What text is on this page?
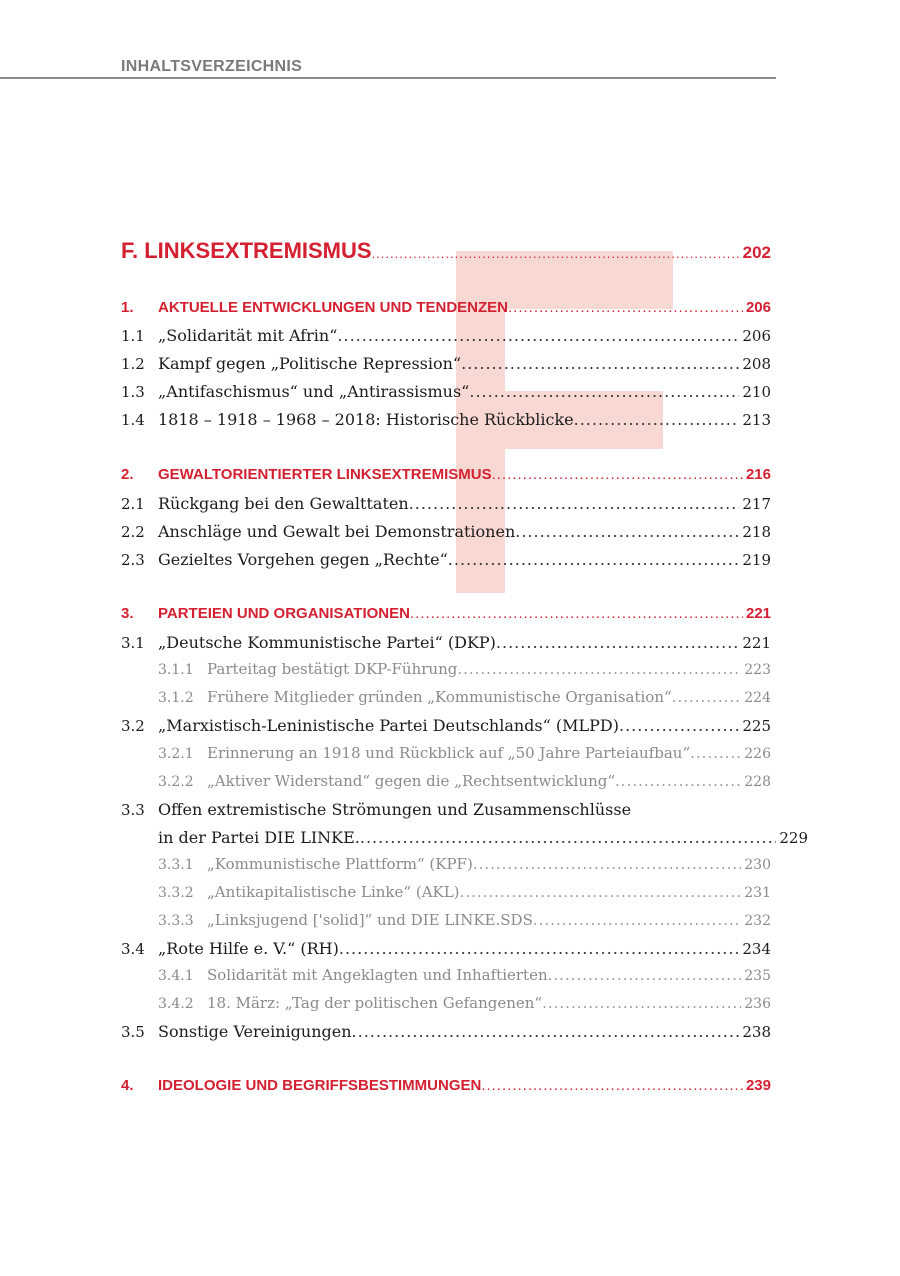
INHALTSVERZEICHNIS
F. LINKSEXTREMISMUS .....	202
1.	AKTUELLE ENTWICKLUNGEN UND TENDENZEN .....	206
1.1 „Solidarität mit Afrin“ .....	206
1.2 Kampf gegen „Politische Repression“ .....	208
1.3 „Antifaschismus“ und „Antirassismus“ .....	210
1.4 1818 – 1918 – 1968 – 2018: Historische Rückblicke .....	213
2.	GEWALTORIENTIERTER LINKSEXTREMISMUS .....	216
2.1 Rückgang bei den Gewalttaten .....	217
2.2 Anschläge und Gewalt bei Demonstrationen .....	218
2.3 Gezieltes Vorgehen gegen „Rechte“ .....	219
3.	PARTEIEN UND ORGANISATIONEN .....	221
3.1 „Deutsche Kommunistische Partei“ (DKP) .....	221
3.1.1 Parteitag bestätigt DKP-Führung .....	223
3.1.2 Frühere Mitglieder gründen „Kommunistische Organisation“ .....	224
3.2 „Marxistisch-Leninistische Partei Deutschlands“ (MLPD) .....	225
3.2.1 Erinnerung an 1918 und Rückblick auf „50 Jahre Parteiaufbau“ .....	226
3.2.2 „Aktiver Widerstand“ gegen die „Rechtsentwicklung“ .....	228
3.3 Offen extremistische Strömungen und Zusammenschlüsse
in der Partei DIE LINKE. .....	229
3.3.1 „Kommunistische Plattform“ (KPF) .....	230
3.3.2 „Antikapitalistische Linke“ (AKL) .....	231
3.3.3 „Linksjugend ['solid]“ und DIE LINKE.SDS .....	232
3.4 „Rote Hilfe e. V.“ (RH) .....	234
3.4.1 Solidarität mit Angeklagten und Inhaftierten .....	235
3.4.2 18. März: „Tag der politischen Gefangenen“ .....	236
3.5 Sonstige Vereinigungen .....	238
4.	IDEOLOGIE UND BEGRIFFSBESTIMMUNGEN .....	239
